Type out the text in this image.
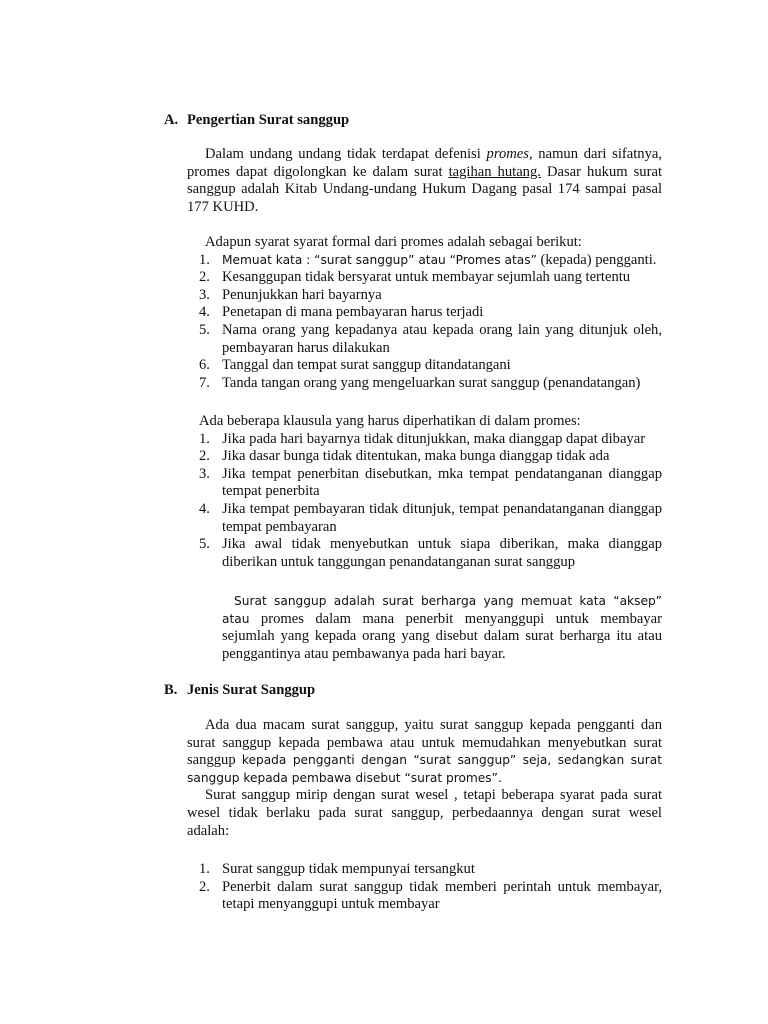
A. Pengertian Surat sanggup

Dalam undang undang tidak terdapat defenisi promes, namun dari sifatnya, promes dapat digolongkan ke dalam surat tagihan hutang. Dasar hukum surat sanggup adalah Kitab Undang-undang Hukum Dagang pasal 174 sampai pasal 177 KUHD.

Adapun syarat syarat formal dari promes adalah sebagai berikut:

1. Memuat kata : “surat sanggup” atau “Promes atas” (kepada) pengganti.
2. Kesanggupan tidak bersyarat untuk membayar sejumlah uang tertentu
3. Penunjukkan hari bayarnya
4. Penetapan di mana pembayaran harus terjadi
5. Nama orang yang kepadanya atau kepada orang lain yang ditunjuk oleh, pembayaran harus dilakukan
6. Tanggal dan tempat surat sanggup ditandatangani
7. Tanda tangan orang yang mengeluarkan surat sanggup (penandatangan)

Ada beberapa klausula yang harus diperhatikan di dalam promes:

1. Jika pada hari bayarnya tidak ditunjukkan, maka dianggap dapat dibayar
2. Jika dasar bunga tidak ditentukan, maka bunga dianggap tidak ada
3. Jika tempat penerbitan disebutkan, mka tempat pendatanganan dianggap tempat penerbita
4. Jika tempat pembayaran tidak ditunjuk, tempat penandatanganan dianggap tempat pembayaran
5. Jika awal tidak menyebutkan untuk siapa diberikan, maka dianggap diberikan untuk tanggungan penandatanganan surat sanggup
Surat sanggup adalah surat berharga yang memuat kata “aksep” atau promes dalam mana penerbit menyanggupi untuk membayar sejumlah yang kepada orang yang disebut dalam surat berharga itu atau penggantinya atau pembawanya pada hari bayar.
B. Jenis Surat Sanggup

Ada dua macam surat sanggup, yaitu surat sanggup kepada pengganti dan surat sanggup kepada pembawa atau untuk memudahkan menyebutkan surat sanggup kepada pengganti dengan “surat sanggup” seja, sedangkan surat sanggup kepada pembawa disebut “surat promes”.

Surat sanggup mirip dengan surat wesel , tetapi beberapa syarat pada surat wesel tidak berlaku pada surat sanggup, perbedaannya dengan surat wesel adalah:

1. Surat sanggup tidak mempunyai tersangkut
2. Penerbit dalam surat sanggup tidak memberi perintah untuk membayar, tetapi menyanggupi untuk membayar
